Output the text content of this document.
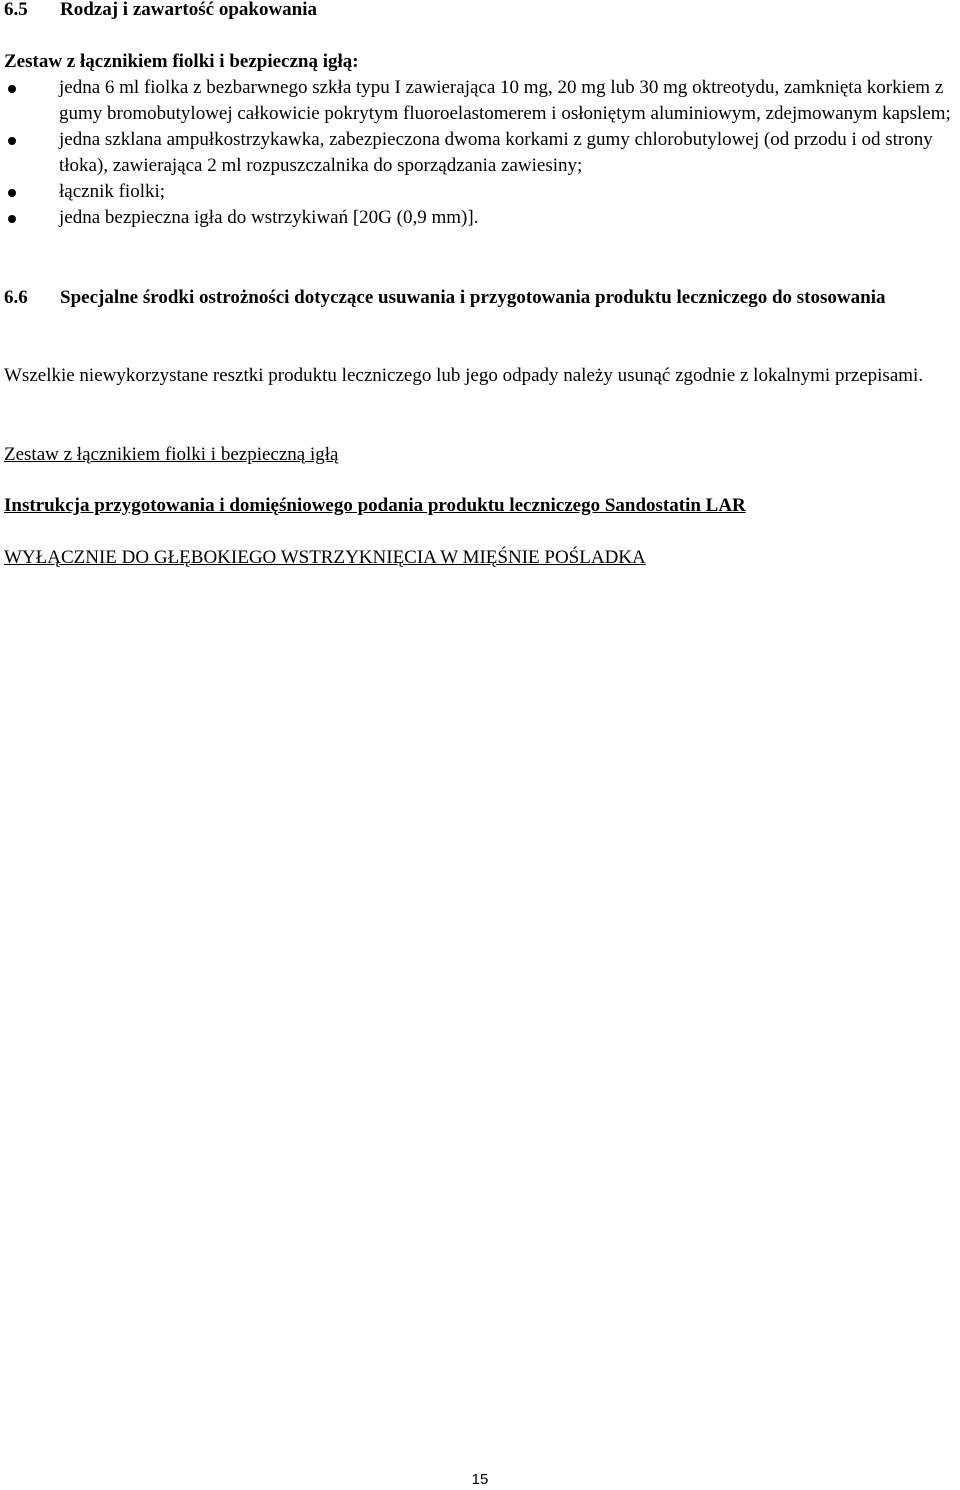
6.5	Rodzaj i zawartość opakowania
Zestaw z łącznikiem fiolki i bezpieczną igłą:
jedna 6 ml fiolka z bezbarwnego szkła typu I zawierająca 10 mg, 20 mg lub 30 mg oktreotydu, zamknięta korkiem z gumy bromobutylowej całkowicie pokrytym fluoroelastomerem i osłoniętym aluminiowym, zdejmowanym kapslem;
jedna szklana ampułkostrzykawka, zabezpieczona dwoma korkami z gumy chlorobutylowej (od przodu i od strony tłoka), zawierająca 2 ml rozpuszczalnika do sporządzania zawiesiny;
łącznik fiolki;
jedna bezpieczna igła do wstrzykiwań [20G (0,9 mm)].
6.6	Specjalne środki ostrożności dotyczące usuwania i przygotowania produktu leczniczego do stosowania
Wszelkie niewykorzystane resztki produktu leczniczego lub jego odpady należy usunąć zgodnie z lokalnymi przepisami.
Zestaw z łącznikiem fiolki i bezpieczną igłą
Instrukcja przygotowania i domięśniowego podania produktu leczniczego Sandostatin LAR
WYŁĄCZNIE DO GŁĘBOKIEGO WSTRZYKNIĘCIA W MIĘŚNIE POŚLADKA
15
